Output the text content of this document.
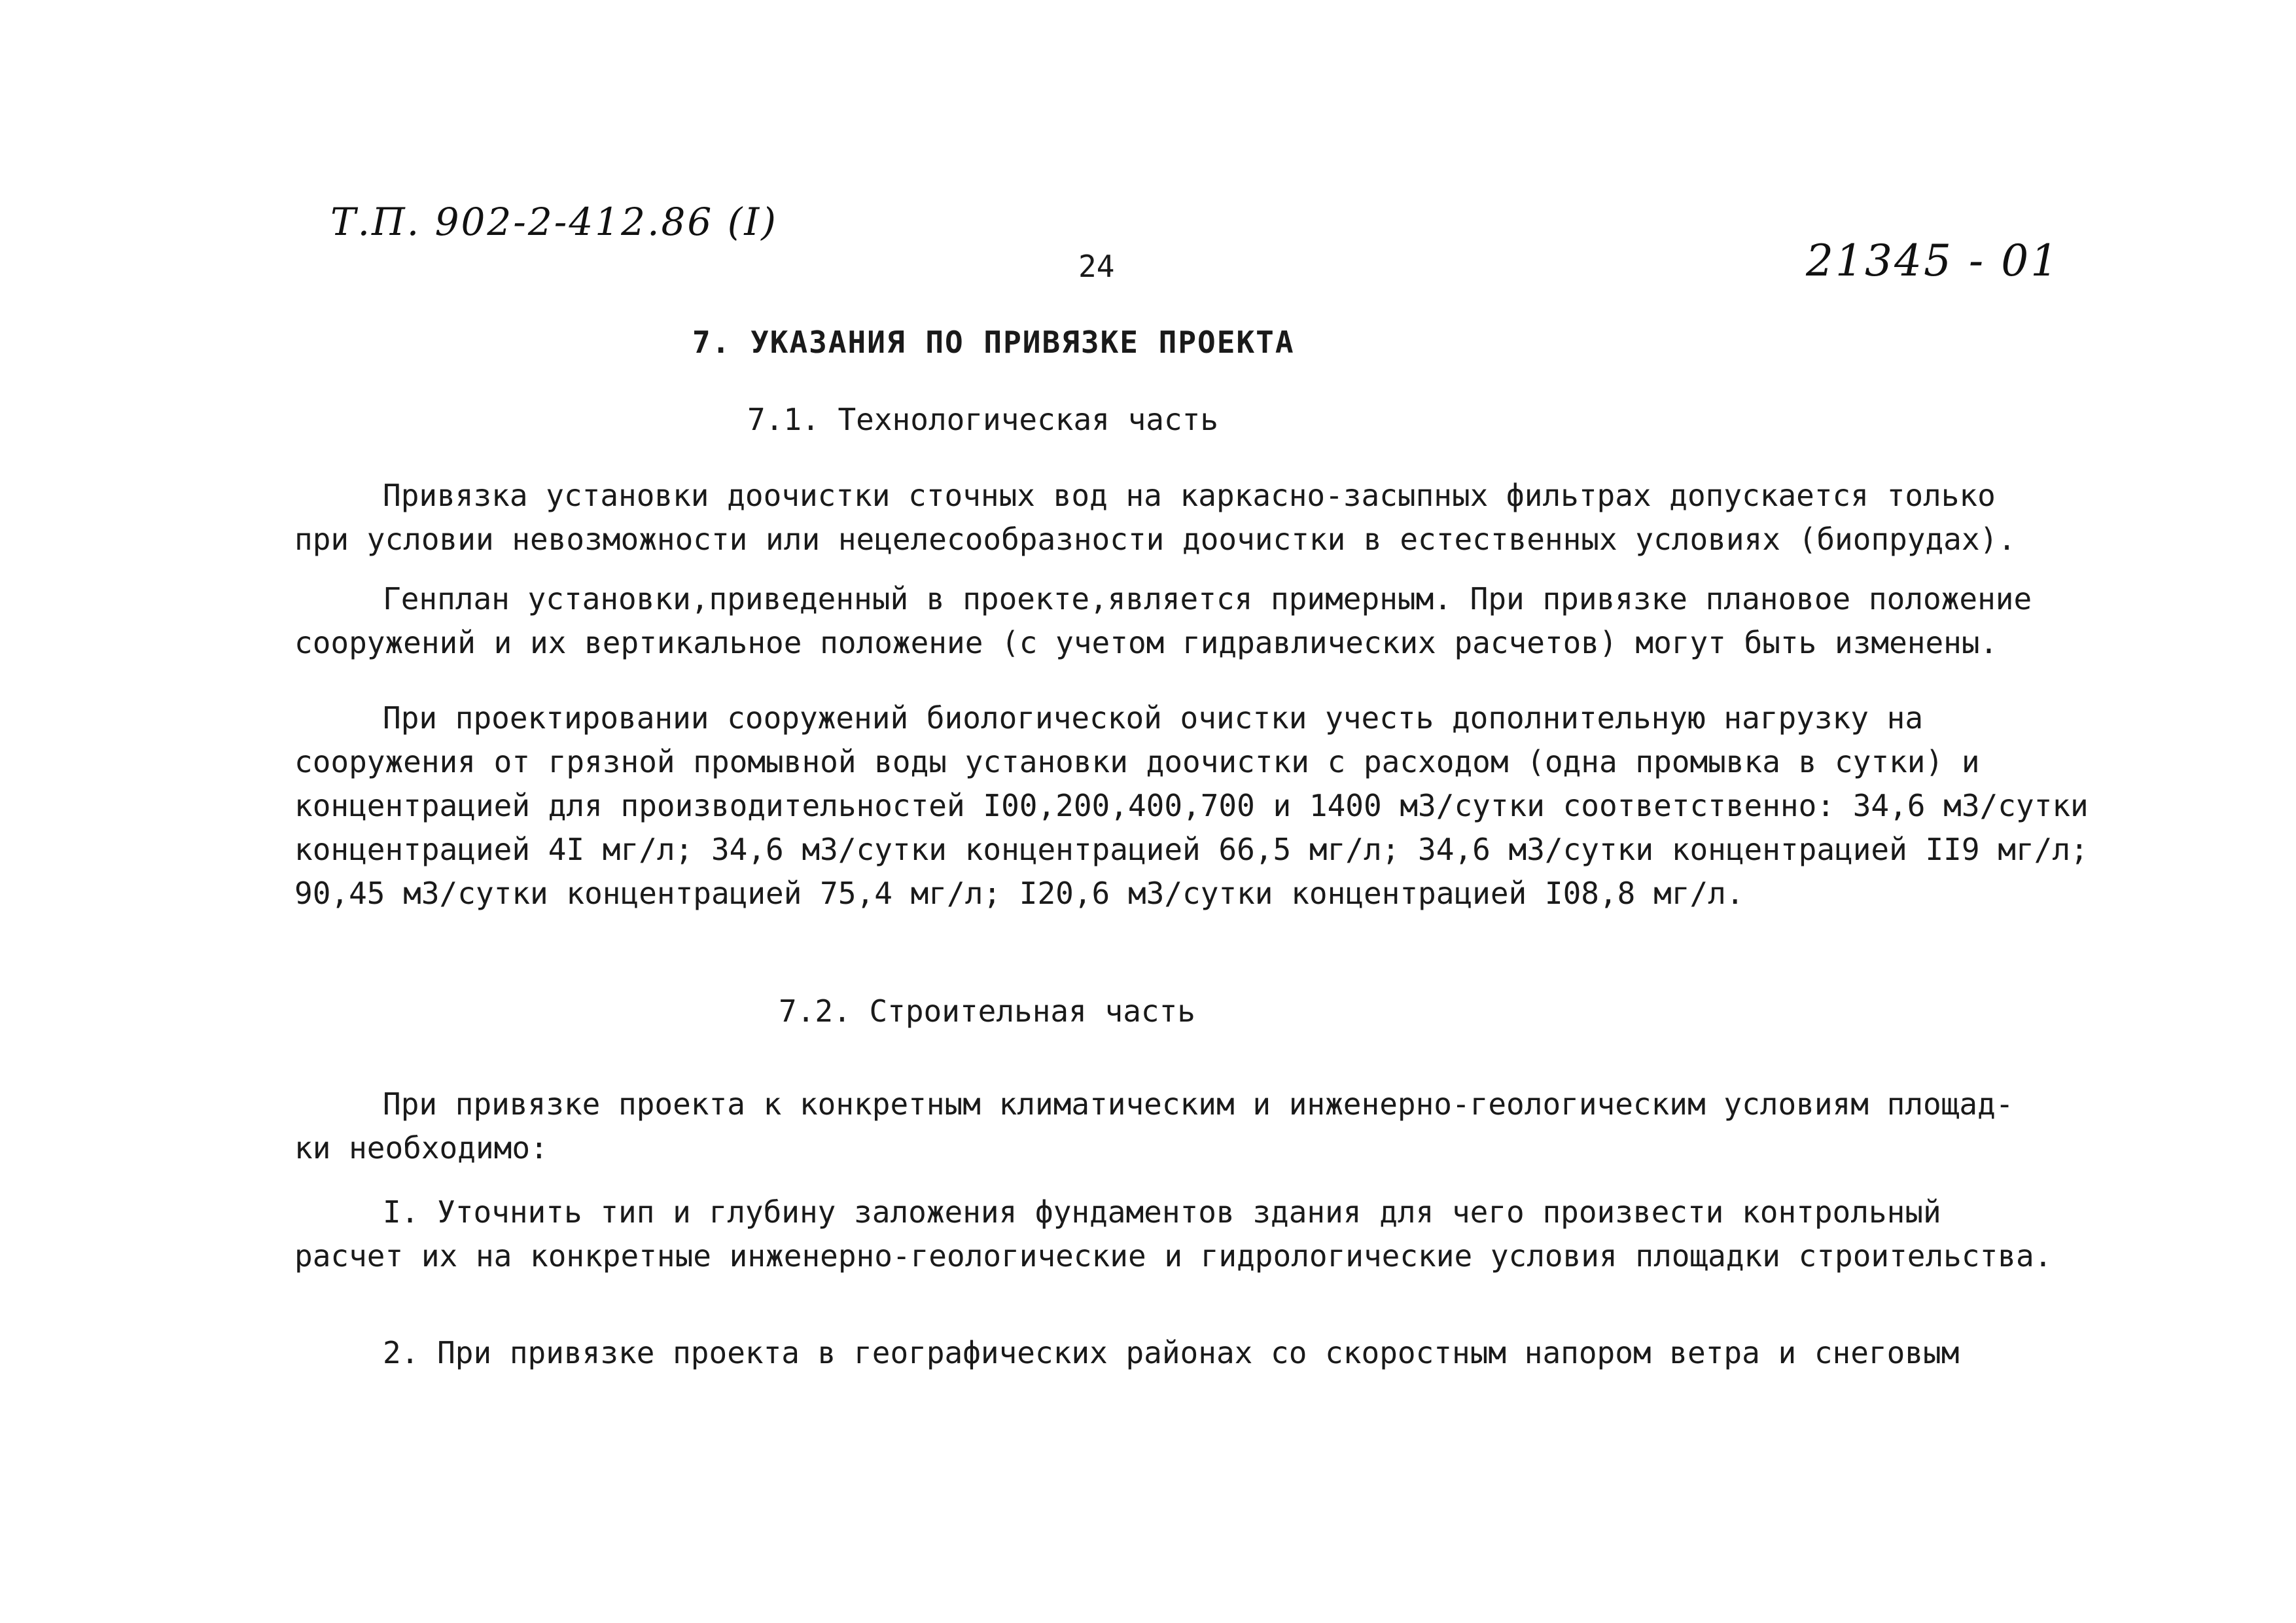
Т.П. 902-2-412.86 (I)
24	21345 - 01
7. УКАЗАНИЯ ПО ПРИВЯЗКЕ ПРОЕКТА
7.1. Технологическая часть
Привязка установки доочистки сточных вод на каркасно-засыпных фильтрах допускается только
при условии невозможности или нецелесообразности доочистки в естественных условиях (биопрудах).
Генплан установки,приведенный в проекте,является примерным. При привязке плановое положение
сооружений и их вертикальное положение (с учетом гидравлических расчетов) могут быть изменены.
При проектировании сооружений биологической очистки учесть дополнительную нагрузку на
сооружения от грязной промывной воды установки доочистки с расходом (одна промывка в сутки) и
концентрацией для производительностей I00,200,400,700 и 1400 м3/сутки соответственно: 34,6 м3/сутки
концентрацией 4I мг/л; 34,6 м3/сутки концентрацией 66,5 мг/л; 34,6 м3/сутки концентрацией II9 мг/л;
90,45 м3/сутки концентрацией 75,4 мг/л; I20,6 м3/сутки концентрацией I08,8 мг/л.
7.2. Строительная часть
При привязке проекта к конкретным климатическим и инженерно-геологическим условиям площад-
ки необходимо:
I. Уточнить тип и глубину заложения фундаментов здания для чего произвести контрольный
расчет их на конкретные инженерно-геологические и гидрологические условия площадки строительства.
2. При привязке проекта в географических районах со скоростным напором ветра и снеговым
